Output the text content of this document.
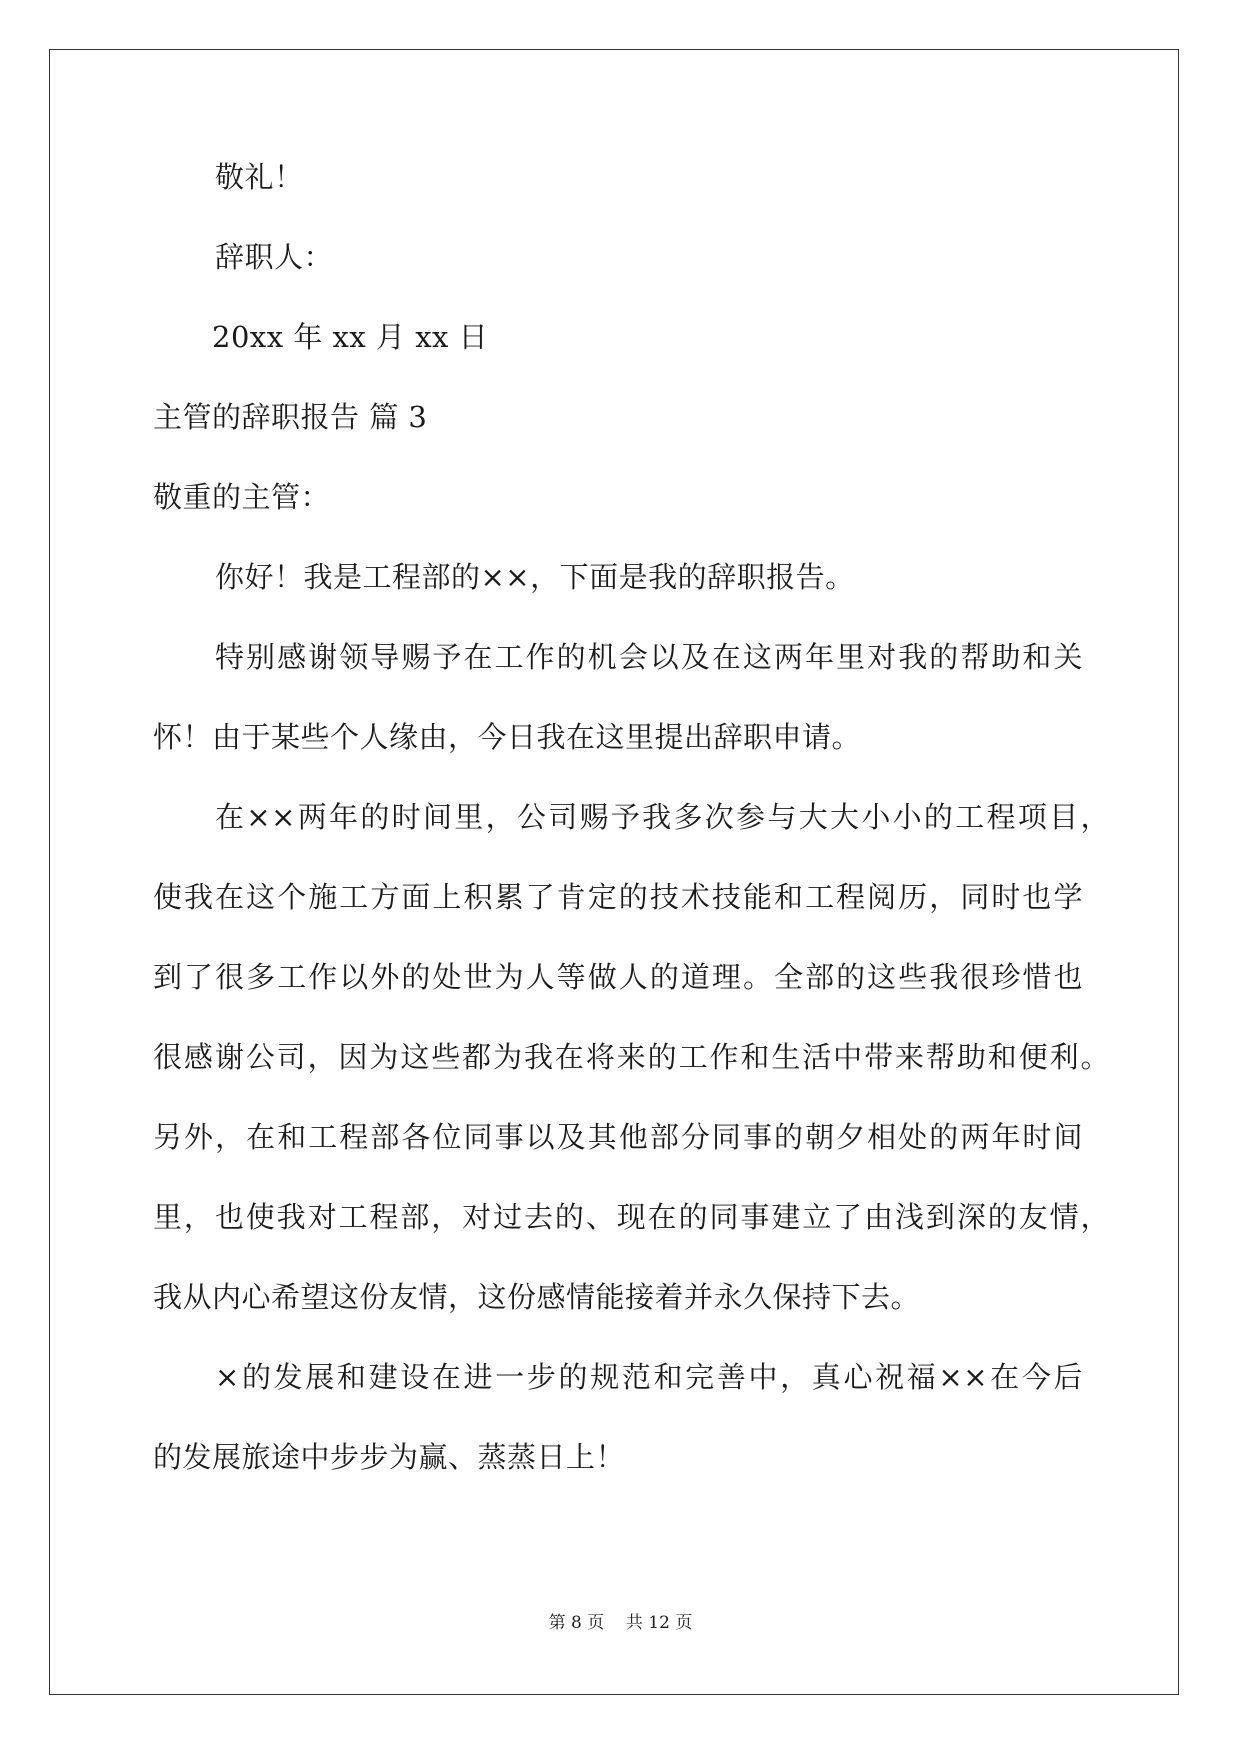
敬礼！
辞职人：
20xx 年 xx 月 xx 日
主管的辞职报告 篇 3
敬重的主管：
你好！我是工程部的××，下面是我的辞职报告。
特别感谢领导赐予在工作的机会以及在这两年里对我的帮助和关
怀！由于某些个人缘由，今日我在这里提出辞职申请。
在××两年的时间里，公司赐予我多次参与大大小小的工程项目，
使我在这个施工方面上积累了肯定的技术技能和工程阅历，同时也学
到了很多工作以外的处世为人等做人的道理。全部的这些我很珍惜也
很感谢公司，因为这些都为我在将来的工作和生活中带来帮助和便利。
另外，在和工程部各位同事以及其他部分同事的朝夕相处的两年时间
里，也使我对工程部，对过去的、现在的同事建立了由浅到深的友情，
我从内心希望这份友情，这份感情能接着并永久保持下去。
×的发展和建设在进一步的规范和完善中，真心祝福××在今后
的发展旅途中步步为赢、蒸蒸日上！
第 8 页    共 12 页
